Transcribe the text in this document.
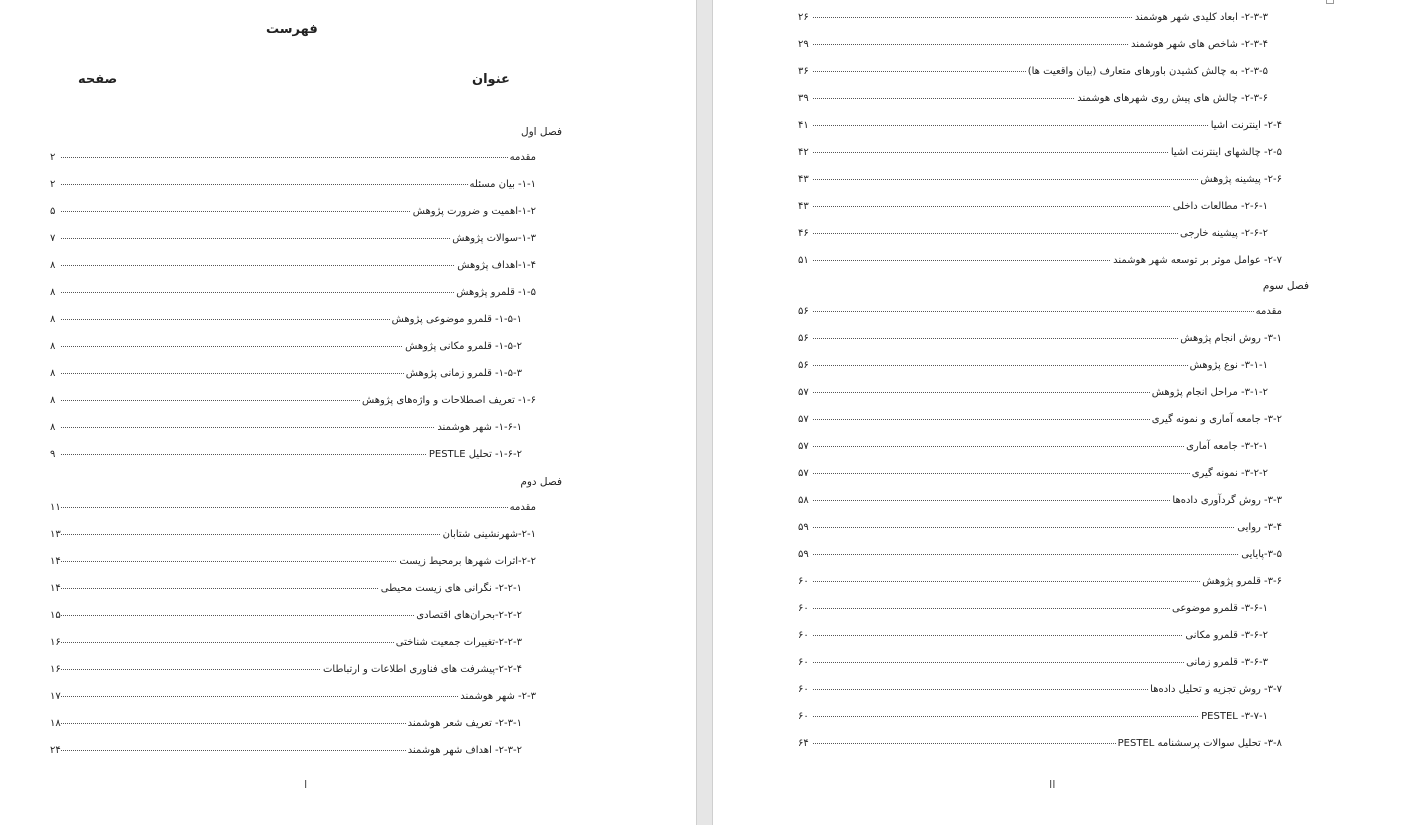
فهرست
عنوان
صفحه
فصل اول
۲	مقدمه
۲	۱-۱- بیان مسئله
۵	۱-۲-اهمیت و ضرورت پژوهش
۷	۱-۳-سوالات پژوهش
۸	۱-۴-اهداف پژوهش
۸	۱-۵- قلمرو پژوهش
۸	۱-۵-۱- قلمرو موضوعی پژوهش
۸	۱-۵-۲- قلمرو مکانی پژوهش
۸	۱-۵-۳- قلمرو زمانی پژوهش
۸	۱-۶- تعریف اصطلاحات و واژه‌های پژوهش
۸	۱-۶-۱- شهر هوشمند
۹	۱-۶-۲- تحلیل PESTLE
فصل دوم
۱۱	مقدمه
۱۳	۲-۱-شهرنشینی شتابان
۱۴	۲-۲-اثرات شهرها برمحیط زیست
۱۴	۲-۲-۱- نگرانی های زیست محیطی
۱۵	۲-۲-۲-بحران‌های اقتصادی
۱۶	۲-۲-۳-تغییرات جمعیت شناختی
۱۶	۲-۲-۴-پیشرفت های فناوری اطلاعات و ارتباطات
۱۷	۲-۳- شهر هوشمند
۱۸	۲-۳-۱- تعریف شعر هوشمند
۲۴	۲-۳-۲- اهداف شهر هوشمند
I
۲۶	۲-۳-۳- ابعاد کلیدی شهر هوشمند
۲۹	۲-۳-۴- شاخص های شهر هوشمند
۳۶	۲-۳-۵- به چالش کشیدن باورهای متعارف (بیان واقعیت ها)
۳۹	۲-۳-۶- چالش های پیش روی شهرهای هوشمند
۴۱	۲-۴- اینترنت اشیا
۴۲	۲-۵- چالشهای اینترنت اشیا
۴۳	۲-۶- پیشینه پژوهش
۴۳	۲-۶-۱- مطالعات داخلی
۴۶	۲-۶-۲- پیشینه خارجی
۵۱	۲-۷- عوامل موثر بر توسعه شهر هوشمند
فصل سوم
۵۶	مقدمه
۵۶	۳-۱- روش انجام پژوهش
۵۶	۳-۱-۱- نوع پژوهش
۵۷	۳-۱-۲- مراحل انجام پژوهش
۵۷	۳-۲- جامعه آماری و نمونه گیری
۵۷	۳-۲-۱- جامعه آماری
۵۷	۳-۲-۲- نمونه گیری
۵۸	۳-۳- روش گردآوری داده‌ها
۵۹	۳-۴- روایی
۵۹	۳-۵-پایایی
۶۰	۳-۶- قلمرو پژوهش
۶۰	۳-۶-۱- قلمرو موضوعی
۶۰	۳-۶-۲- قلمرو مکانی
۶۰	۳-۶-۳- قلمرو زمانی
۶۰	۳-۷- روش تجزیه و تحلیل داده‌ها
۶۰	۳-۷-۱- PESTEL
۶۴	۳-۸- تحلیل سوالات پرسشنامه PESTEL
II
